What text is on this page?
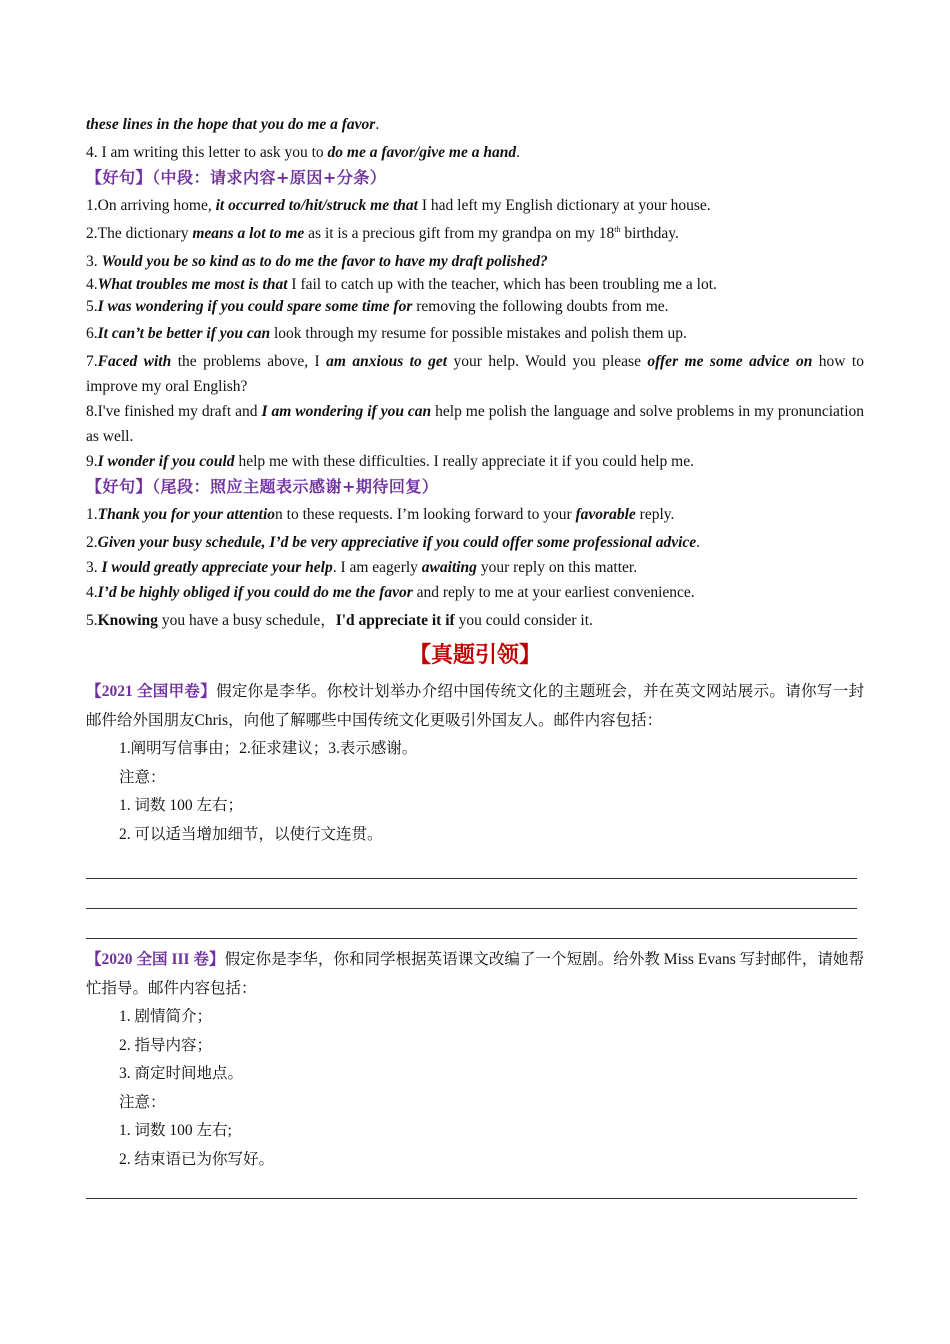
these lines in the hope that you do me a favor.

4. I am writing this letter to ask you to do me a favor/give me a hand.

【好句】（中段：请求内容+原因+分条）

1.On arriving home, it occurred to/hit/struck me that I had left my English dictionary at your house.

2.The dictionary means a lot to me as it is a precious gift from my grandpa on my 18th birthday.

3. Would you be so kind as to do me the favor to have my draft polished?

4.What troubles me most is that I fail to catch up with the teacher, which has been troubling me a lot.

5.I was wondering if you could spare some time for removing the following doubts from me.

6.It can’t be better if you can look through my resume for possible mistakes and polish them up.

7.Faced with the problems above, I am anxious to get your help. Would you please offer me some advice on how to improve my oral English?

8.I've finished my draft and I am wondering if you can help me polish the language and solve problems in my pronunciation as well.

9.I wonder if you could help me with these difficulties. I really appreciate it if you could help me.

【好句】（尾段：照应主题表示感谢+期待回复）

1.Thank you for your attention to these requests. I’m looking forward to your favorable reply.

2.Given your busy schedule, I’d be very appreciative if you could offer some professional advice.

3. I would greatly appreciate your help. I am eagerly awaiting your reply on this matter.

4.I’d be highly obliged if you could do me the favor and reply to me at your earliest convenience.

5.Knowing you have a busy schedule，I'd appreciate it if you could consider it.

【真题引领】
【2021 全国甲卷】假定你是李华。你校计划举办介绍中国传统文化的主题班会，并在英文网站展示。请你写一封邮件给外国朋友Chris，向他了解哪些中国传统文化更吸引外国友人。邮件内容包括：
1.阐明写信事由；2.征求建议；3.表示感谢。
注意：
1. 词数 100 左右；
2. 可以适当增加细节，以使行文连贯。
【2020 全国 III 卷】假定你是李华，你和同学根据英语课文改编了一个短剧。给外教 Miss Evans 写封邮件，请她帮忙指导。邮件内容包括：
1. 剧情简介；
2. 指导内容；
3. 商定时间地点。
注意：
1. 词数 100 左右;
2. 结束语已为你写好。
